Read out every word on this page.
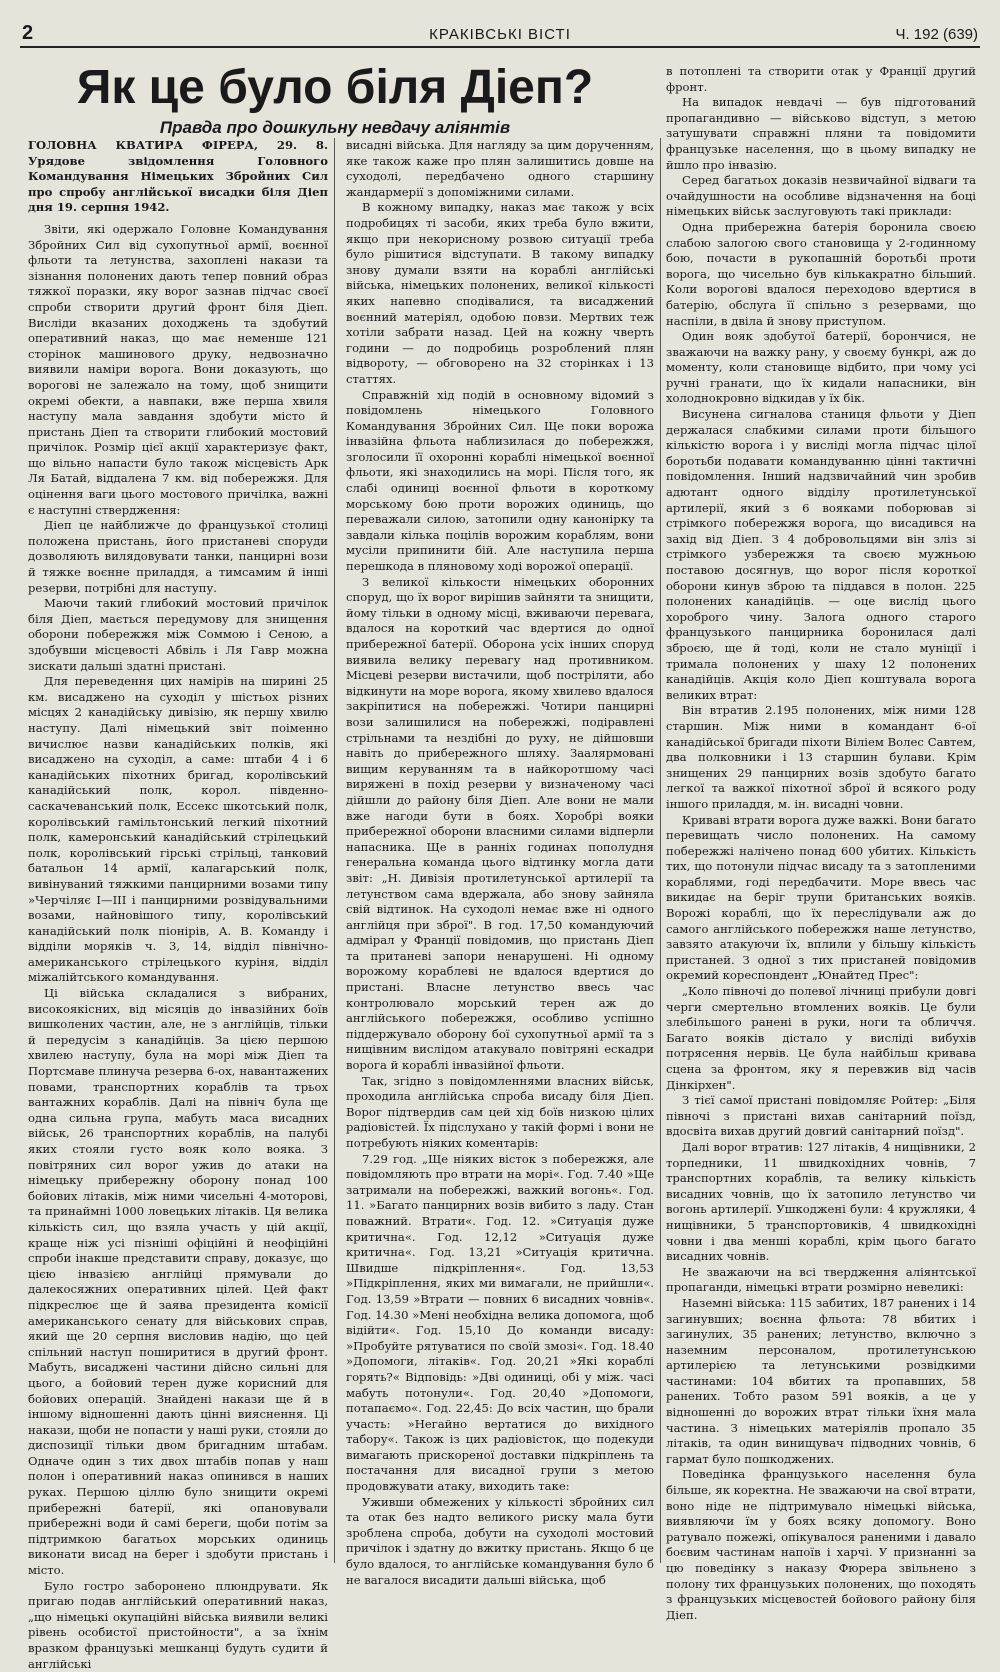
2	КРАКІВСЬКІ ВІСТІ	Ч. 192 (639)
Як це було біля Діеп?
Правда про дошкульну невдачу аліянтів

ГОЛОВНА КВАТИРА ФІРЕРА, 29. 8. Урядове звідомлення Головного Командування Німецьких Збройних Сил про спробу англійської висадки біля Діеп дня 19. серпня 1942.

Звіти, які одержало Головне Командування Збройних Сил від сухопутньої армії, воєнної фльоти та летунства, захоплені накази та зізнання полонених дають тепер повний образ тяжкої поразки, яку ворог зазнав підчас своєї спроби створити другий фронт біля Діеп. Висліди вказаних доходжень та здобутий оперативний наказ, що має неменше 121 сторінок машинового друку, недвозначно виявили наміри ворога. Вони доказують, що ворогові не залежало на тому, щоб знищити окремі обекти, а навпаки, вже перша хвиля наступу мала завдання здобути місто й пристань Діеп та створити глибокий мостовий причілок. Розмір цієї акції характеризує факт, що вільно напасти було також місцевість Арк Ля Батай, віддалена 7 км. від побережжя. Для оцінення ваги цього мостового причілка, важні є наступні ствердження:

Діеп це найближче до французької столиці положена пристань, його пристаневі споруди дозволяють вилядовувати танки, панцирні вози й тяжке воєнне приладдя, а тимсамим й інші резерви, потрібні для наступу.

Маючи такий глибокий мостовий причілок біля Діеп, мається передумову для знищення оборони побережжя між Соммою і Сеною, а здобувши місцевості Абвіль і Ля Гавр можна зискати дальші здатні пристані.

Для переведення цих намірів на ширині 25 км. висаджено на суходіл у шістьох різних місцях 2 канадійську дивізію, як першу хвилю наступу. Далі німецький звіт поіменно вичислює назви канадійських полків, які висаджено на суходіл, а саме: штаби 4 і 6 канадійських піхотних бригад, королівський канадійський полк, корол. південно-саскачеванський полк, Ессекс шкотський полк, королівський гамільтонський легкий піхотний полк, камеронський канадійський стрілецький полк, королівський гірські стрільці, танковий батальон 14 армії, калагарський полк, вивінуваний тяжкими панцирними возами типу »Черчіляє I—III і панцирними розвідувальними возами, найновішого типу, королівський канадійський полк піонірів, А. В. Команду і відділи моряків ч. 3, 14, відділ північно-американського стрілецького куріня, відділ міжалійтського командування.

Ці війська складалися з вибраних, високоякісних, від місяців до інвазійних боїв вишколених частин, але, не з англійців, тільки й передусім з канадійців. За цією першою хвилею наступу, була на морі між Діеп та Портсмаве плинуча резерва 6-ох, навантажених повами, транспортних кораблів та трьох вантажних кораблів. Далі на північ була ще одна сильна група, мабуть маса висадних військ, 26 транспортних кораблів, на палубі яких стояли густо вояк коло вояка. З повітряних сил ворог ужив до атаки на німецьку прибережну оборону понад 100 бойових літаків, між ними чисельні 4-моторові, та принаймні 1000 ловецьких літаків. Ця велика кількість сил, що взяла участь у цій акції, краще ніж усі пізніші офіційні й неофіційні спроби інакше представити справу, доказує, що цією інвазією англійці прямували до далекосяжних оперативних цілей. Цей факт підкреслює ще й заява президента комісії американського сенату для військових справ, який ще 20 серпня висловив надію, що цей спільний наступ поширитися в другий фронт. Мабуть, висаджені частини дійсно сильні для цього, а бойовий терен дуже корисний для бойових операцій. Знайдені накази ще й в іншому відношенні дають цінні вияснення. Ці накази, щоби не попасти у наші руки, стояли до диспозиції тільки двом бригадним штабам. Одначе один з тих двох штабів попав у наш полон і оперативний наказ опинився в наших руках. Першою ціллю було знищити окремі прибережні батерії, які опановували прибережні води й самі береги, щоби потім за підтримкою багатьох морських одиниць виконати висад на берег і здобути пристань і місто.

Було гостро заборонено плюндрувати. Як пригаю подав англійський оперативний наказ, „що німецькі окупаційні війська виявили великі рівень особистої пристойности", а за їхнім вразком французькі мешканці будуть судити й англійські

висадні війська. Для нагляду за цим дорученням, яке також каже про плян залишитись довше на суходолі, передбачено одного старшину жандармерії з допоміжними силами.

В кожному випадку, наказ має також у всіх подробицях ті засоби, яких треба було вжити, якщо при некорисному розвою ситуації треба було рішитися відступати. В такому випадку знову думали взяти на кораблі англійські війська, німецьких полонених, великої кількості яких напевно сподівалися, та висаджений воєнний матеріял, одобою повзи. Мертвих теж хотіли забрати назад. Цей на кожну чверть години — до подробиць розроблений плян відвороту, — обговорено на 32 сторінках і 13 статтях.

Справжній хід подій в основному відомий з повідомлень німецького Головного Командування Збройних Сил. Ще поки ворожа інвазійна фльота наблизилася до побережжя, зголосили її охоронні кораблі німецької воєнної фльоти, які знаходились на морі. Після того, як слабі одиниці воєнної фльоти в короткому морському бою проти ворожих одиниць, що переважали силою, затопили одну канонірку та завдали кілька поцілів ворожим кораблям, вони мусіли припинити бій. Але наступила перша перешкода в пляновому ході ворожої операції.

З великої кількости німецьких оборонних споруд, що їх ворог вирішив зайняти та знищити, йому тільки в одному місці, вживаючи перевага, вдалося на короткий час вдертися до одної прибережної батерії. Оборона усіх інших споруд виявила велику перевагу над противником. Місцеві резерви вистачили, щоб постріляти, або відкинути на море ворога, якому хвилево вдалося закріпитися на побережжі. Чотири панцирні вози залишилися на побережжі, подіравлені стрільнами та нездібні до руху, не дійшовши навіть до прибережного шляху. Заалярмовані вищим керуванням та в найкоротшому часі виряжені в похід резерви у визначеному часі дійшли до району біля Діеп. Але вони не мали вже нагоди бути в боях. Хоробрі вояки прибережної оборони власними силами відперли напасника. Ще в ранніх годинах пополудня генеральна команда цього відтинку могла дати звіт: „Н. Дивізія протилетунської артилерії та летунством сама вдержала, або знову зайняла свій відтинок. На суходолі немає вже ні одного англійця при зброї". В год. 17,50 командуючий адмірал у Франції повідомив, що пристань Діеп та пританеві запори ненарушені. Ні одному ворожому кораблеві не вдалося вдертися до пристані. Власне летунство ввесь час контролювало морський терен аж до англійського побережжя, особливо успішно піддержувало оборону бої сухопутньої армії та з нищівним вислідом атакувало повітряні ескадри ворога й кораблі інвазійної фльоти.

Так, згідно з повідомленнями власних військ, проходила англійська спроба висаду біля Діеп. Ворог підтвердив сам цей хід боїв низкою цілих радіовістей. Їх підслухано у такій формі і вони не потребують ніяких коментарів:

7.29 год. „Ще ніяких вісток з побережжя, але повідомляють про втрати на морі«. Год. 7.40 »Ще затримали на побережжі, важкий вогонь«. Год. 11. »Багато панцирних возів вибито з ладу. Стан поважний. Втрати«. Год. 12. »Ситуація дуже критична«. Год. 12,12 »Ситуація дуже критична«. Год. 13,21 »Ситуація критична. Швидше підкріплення«. Год. 13,53 »Підкріплення, яких ми вимагали, не прийшли«. Год. 13,59 »Втрати — повних 6 висадних човнів«. Год. 14.30 »Мені необхідна велика допомога, щоб відійти«. Год. 15,10 До команди висаду: »Пробуйте рятуватися по своїй змозі«. Год. 18.40 »Допомоги, літаків«. Год. 20,21 »Які кораблі горять?« Відповідь: »Дві одиниці, обі у між. часі мабуть потонули«. Год. 20,40 »Допомоги, потапаємо«. Год. 22,45: До всіх частин, що брали участь: »Негайно вертатися до вихідного табору«. Також із цих радіовісток, що подекуди вимагають прискореної доставки підкріплень та постачання для висадної групи з метою продовжувати атаку, виходить таке:

Уживши обмежених у кількості збройних сил та отак без надто великого риску мала бути зроблена спроба, добути на суходолі мостовий причілок і здатну до вжитку пристань. Якщо б це було вдалося, то англійське командування було б не вагалося висадити дальші війська, щоб

в потоплені та створити отак у Франції другий фронт.

На випадок невдачі — був підготований пропагандивно — військово відступ, з метою затушувати справжні пляни та повідомити французьке населення, що в цьому випадку не йшло про інвазію.

Серед багатьох доказів незвичайної відваги та очайдушности на особливе відзначення на боці німецьких військ заслуговують такі приклади:

Одна прибережна батерія боронила своєю слабою залогою свого становища у 2-годинному бою, почасти в рукопашній боротьбі проти ворога, що чисельно був кількакратно більший. Коли ворогові вдалося переходово вдертися в батерію, обслуга її спільно з резервами, що наспіли, в двіла й знову приступом.

Один вояк здобутої батерії, борончися, не зважаючи на важку рану, у своєму бункрі, аж до моменту, коли становище відбито, при чому усі ручні гранати, що їх кидали напасники, він холоднокровно відкидав у їх бік.

Висунена сигналова станиця фльоти у Діеп держалася слабкими силами проти більшого кількістю ворога і у висліді могла підчас цілої боротьби подавати командуванню цінні тактичні повідомлення. Інший надзвичайний чин зробив адютант одного відділу протилетунської артилерії, який з 6 вояками поборював зі стрімкого побережжя ворога, що висадився на захід від Діеп. З 4 добровольцями він зліз зі стрімкого узбережжя та своєю мужньою поставою досягнув, що ворог після короткої оборони кинув зброю та піддався в полон. 225 полонених канадійців. — оце вислід цього хороброго чину. Залога одного старого французького панцирника боронилася далі зброєю, ще й тоді, коли не стало муніції і тримала полонених у шаху 12 полонених канадійців. Акція коло Діеп коштувала ворога великих втрат:

Він втратив 2.195 полонених, між ними 128 старшин. Між ними в командант 6-ої канадійської бригади піхоти Віліем Волес Савтем, два полковники і 13 старшин булави. Крім знищених 29 панцирних возів здобуто багато легкої та важкої піхотної зброї й всякого роду іншого приладдя, м. ін. висадні човни.

Криваві втрати ворога дуже важкі. Вони багато перевищать число полонених. На самому побережжі наліченo понад 600 убитих. Кількість тих, що потонули підчас висаду та з затопленими кораблями, годі передбачити. Море ввесь час викидає на беріг трупи британських вояків. Ворожі кораблі, що їх переслідували аж до самого англійського побережжя наше летунство, завзято атакуючи їх, вплили у більшу кількість пристаней. З одної з тих пристаней повідомив окремий кореспондент „Юнайтед Прес":

„Коло півночі до полевої лічниці прибули довгі черги смертельно втомлених вояків. Це були злебільшого ранені в руки, ноги та обличчя. Багато вояків дістало у висліді вибухів потрясення нервів. Це була найбільш кривава сцена за фронтом, яку я перевжив від часів Дінкірхен".

З тієї самої пристані повідомляє Ройтер: „Біля півночі з пристані вихав санітарний поїзд, вдосвіта вихав другий довгий санітарний поїзд".

Далі ворог втратив: 127 літаків, 4 нищівники, 2 торпедники, 11 швидкохідних човнів, 7 транспортних кораблів, та велику кількість висадних човнів, що їх затопило летунство чи вогонь артилерії. Ушкоджені були: 4 кружляки, 4 нищівники, 5 транспортовиків, 4 швидкохідні човни і два менші кораблі, крім цього багато висадних човнів.

Не зважаючи на всі твердження аліянтської пропаганди, німецькі втрати розмірно невеликі:

Наземні війська: 115 забитих, 187 ранених і 14 загинувших; воєнна фльота: 78 вбитих і загинулих, 35 ранених; летунство, включно з наземним персоналом, протилетунською артилерією та летунськими розвідкими частинами: 104 вбитих та пропавших, 58 ранених. Тобто разом 591 вояків, а це у відношенні до ворожих втрат тільки їхня мала частина. З німецьких матеріялів пропало 35 літаків, та один винищувач підводних човнів, 6 гармат було пошкоджених.

Поведінка французького населення була більше, як коректна. Не зважаючи на свої втрати, воно ніде не підтримувало німецькі війська, виявляючи їм у боях всяку допомогу. Воно ратувало пожежі, опікувалося раненими і давало боєвим частинам напоїв і харчі. У признанні за цю поведінку з наказу Фюрера звільнено з полону тих французьких полонених, що походять з французьких місцевостей бойового району біля Діеп.
